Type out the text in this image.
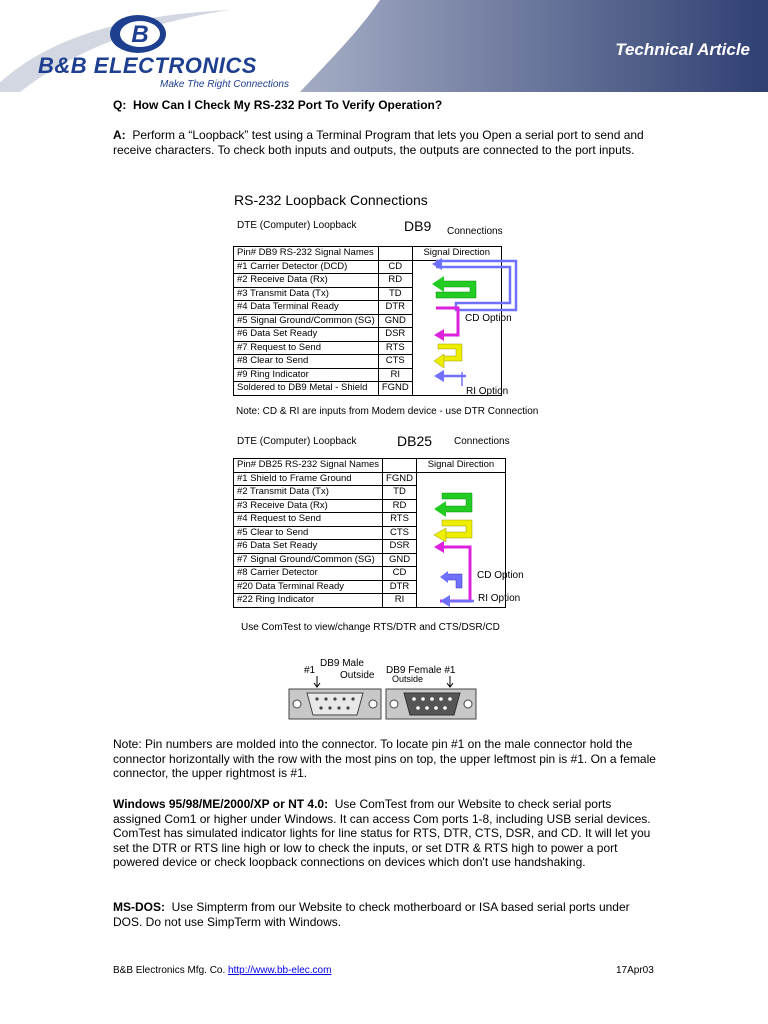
B
B&B ELECTRONICS
Make The Right Connections
Technical Article
Q: How Can I Check My RS-232 Port To Verify Operation?
A: Perform a “Loopback” test using a Terminal Program that lets you Open a serial port to send and receive characters. To check both inputs and outputs, the outputs are connected to the port inputs.
RS-232 Loopback Connections
DTE (Computer) Loopback	DB9 Connections
Pin# DB9 RS-232 Signal Names		Signal Direction
#1 Carrier Detector (DCD)	CD	
#2 Receive Data (Rx)	RD	
#3 Transmit Data (Tx)	TD	
#4 Data Terminal Ready	DTR	
#5 Signal Ground/Common (SG)	GND	
#6 Data Set Ready	DSR	
#7 Request to Send	RTS	
#8 Clear to Send	CTS	
#9 Ring Indicator	RI	
Soldered to DB9 Metal - Shield	FGND	
CD Option
RI Option
Note: CD & RI are inputs from Modem device - use DTR Connection
DTE (Computer) Loopback	DB25 Connections
Pin# DB25 RS-232 Signal Names		Signal Direction
#1 Shield to Frame Ground	FGND	
#2 Transmit Data (Tx)	TD	
#3 Receive Data (Rx)	RD	
#4 Request to Send	RTS	
#5 Clear to Send	CTS	
#6 Data Set Ready	DSR	
#7 Signal Ground/Common (SG)	GND	
#8 Carrier Detector	CD	
#20 Data Terminal Ready	DTR	
#22 Ring Indicator	RI	
CD Option
RI Option
Use ComTest to view/change RTS/DTR and CTS/DSR/CD
#1
DB9 Male
Outside DB9 Female #1
Outside
Note: Pin numbers are molded into the connector. To locate pin #1 on the male connector hold the connector horizontally with the row with the most pins on top, the upper leftmost pin is #1. On a female connector, the upper rightmost is #1.
Windows 95/98/ME/2000/XP or NT 4.0: Use ComTest from our Website to check serial ports assigned Com1 or higher under Windows. It can access Com ports 1-8, including USB serial devices. ComTest has simulated indicator lights for line status for RTS, DTR, CTS, DSR, and CD. It will let you set the DTR or RTS line high or low to check the inputs, or set DTR & RTS high to power a port powered device or check loopback connections on devices which don't use handshaking.
MS-DOS: Use Simpterm from our Website to check motherboard or ISA based serial ports under DOS. Do not use SimpTerm with Windows.
B&B Electronics Mfg. Co. http://www.bb-elec.com	17Apr03
